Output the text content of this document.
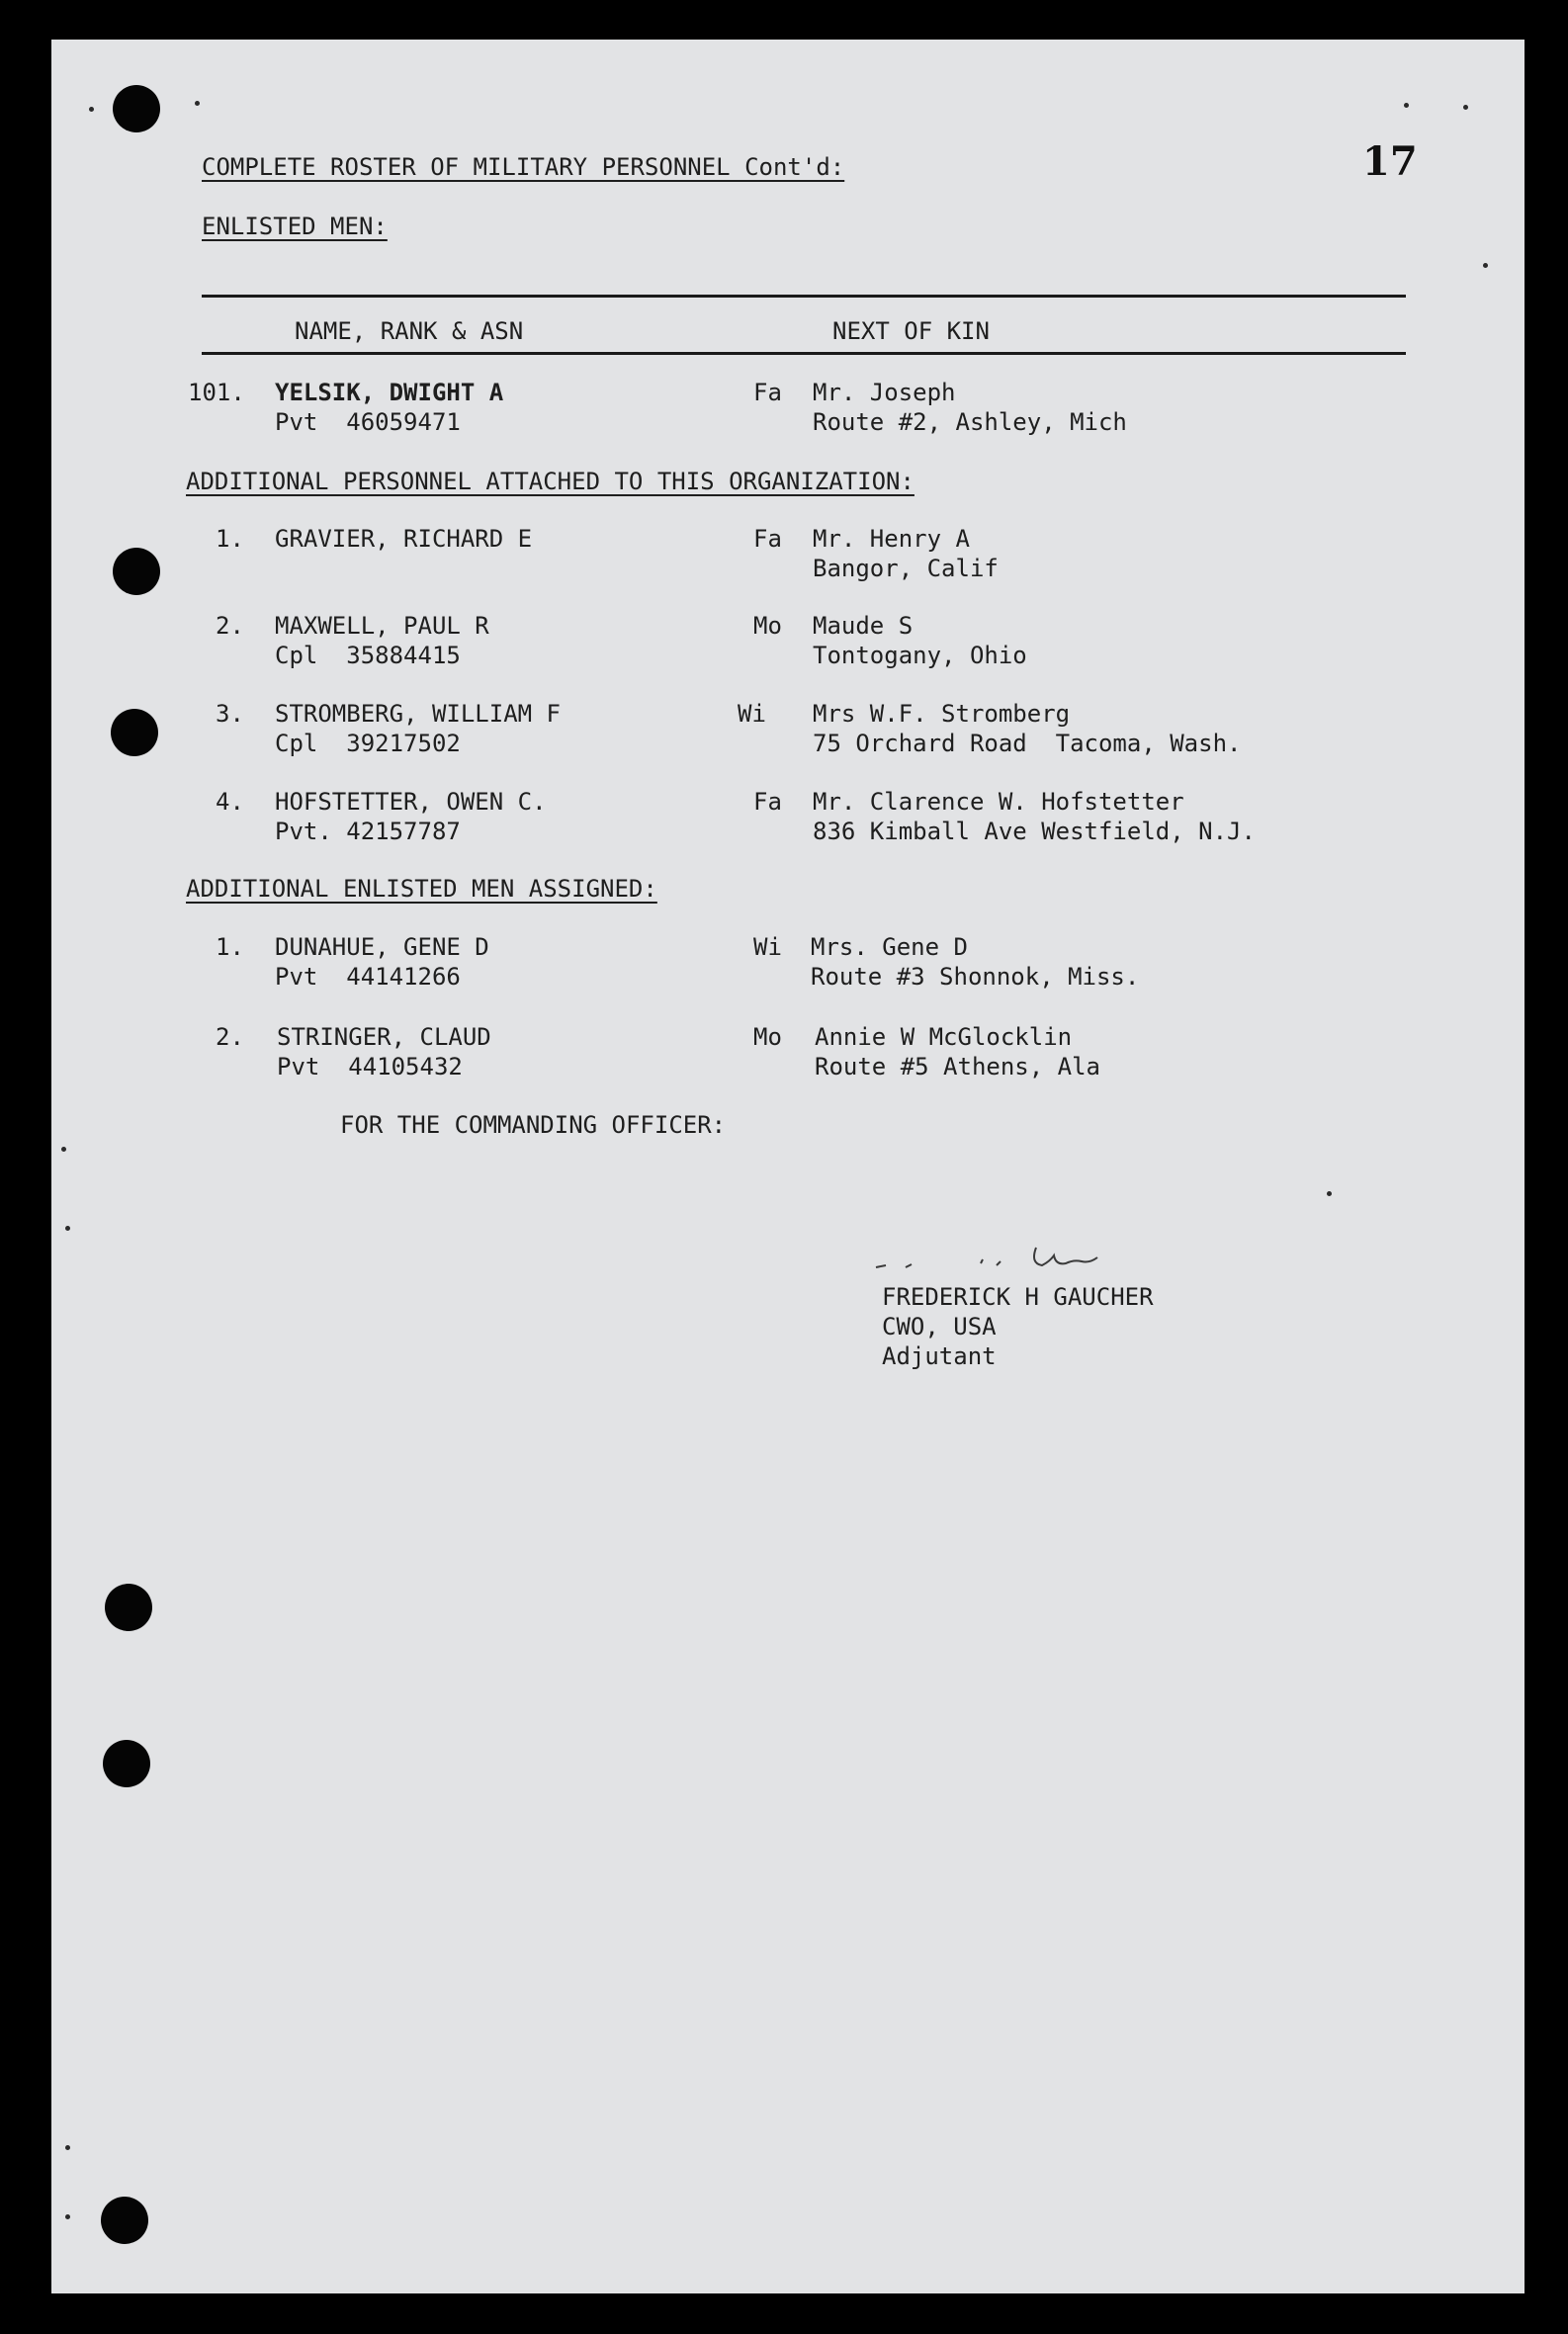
17
COMPLETE ROSTER OF MILITARY PERSONNEL Cont'd:
ENLISTED MEN:
NAME, RANK & ASN	NEXT OF KIN
101. YELSIK, DWIGHT A
Pvt  46059471
Fa Mr. Joseph
Route #2, Ashley, Mich
ADDITIONAL PERSONNEL ATTACHED TO THIS ORGANIZATION:
1. GRAVIER, RICHARD E	Fa Mr. Henry A
Bangor, Calif
2. MAXWELL, PAUL R
Cpl  35884415
Mo Maude S
Tontogany, Ohio
3. STROMBERG, WILLIAM F
Cpl  39217502
Wi Mrs W.F. Stromberg
75 Orchard Road  Tacoma, Wash.
4. HOFSTETTER, OWEN C.
Pvt. 42157787
Fa Mr. Clarence W. Hofstetter
836 Kimball Ave Westfield, N.J.
ADDITIONAL ENLISTED MEN ASSIGNED:
1. DUNAHUE, GENE D
Pvt  44141266
Wi Mrs. Gene D
Route #3 Shonnok, Miss.
2. STRINGER, CLAUD
Pvt  44105432
Mo Annie W McGlocklin
Route #5 Athens, Ala
FOR THE COMMANDING OFFICER:
FREDERICK H GAUCHER
CWO, USA
Adjutant
